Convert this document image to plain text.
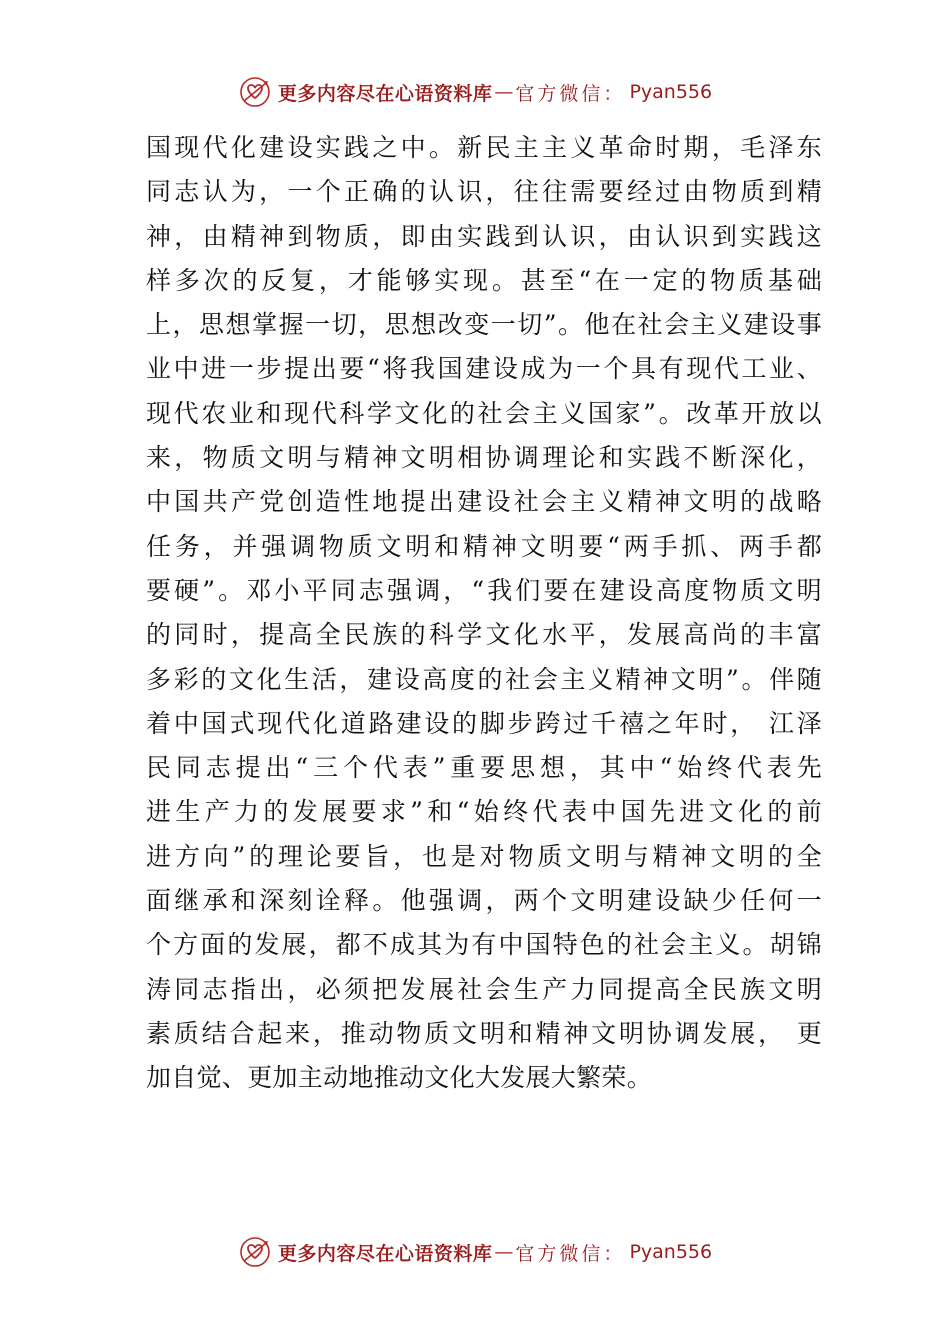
更多内容尽在心语资料库 — 官方微信： Pyan556
国现代化建设实践之中。新民主主义革命时期，毛泽东
同志认为，一个正确的认识，往往需要经过由物质到精
神，由精神到物质，即由实践到认识，由认识到实践这
样多次的反复，才能够实现。甚至“在一定的物质基础
上，思想掌握一切，思想改变一切”。他在社会主义建设事
业中进一步提出要“将我国建设成为一个具有现代工业、
现代农业和现代科学文化的社会主义国家”。改革开放以
来，物质文明与精神文明相协调理论和实践不断深化，
中国共产党创造性地提出建设社会主义精神文明的战略
任务，并强调物质文明和精神文明要“两手抓、两手都
要硬”。邓小平同志强调，“我们要在建设高度物质文明
的同时，提高全民族的科学文化水平，发展高尚的丰富
多彩的文化生活，建设高度的社会主义精神文明”。伴随
着中国式现代化道路建设的脚步跨过千禧之年时， 江泽
民同志提出“三个代表”重要思想，其中“始终代表先
进生产力的发展要求”和“始终代表中国先进文化的前
进方向”的理论要旨，也是对物质文明与精神文明的全
面继承和深刻诠释。他强调，两个文明建设缺少任何一
个方面的发展，都不成其为有中国特色的社会主义。胡锦
涛同志指出，必须把发展社会生产力同提高全民族文明
素质结合起来，推动物质文明和精神文明协调发展， 更
加自觉、更加主动地推动文化大发展大繁荣。
更多内容尽在心语资料库 — 官方微信： Pyan556
